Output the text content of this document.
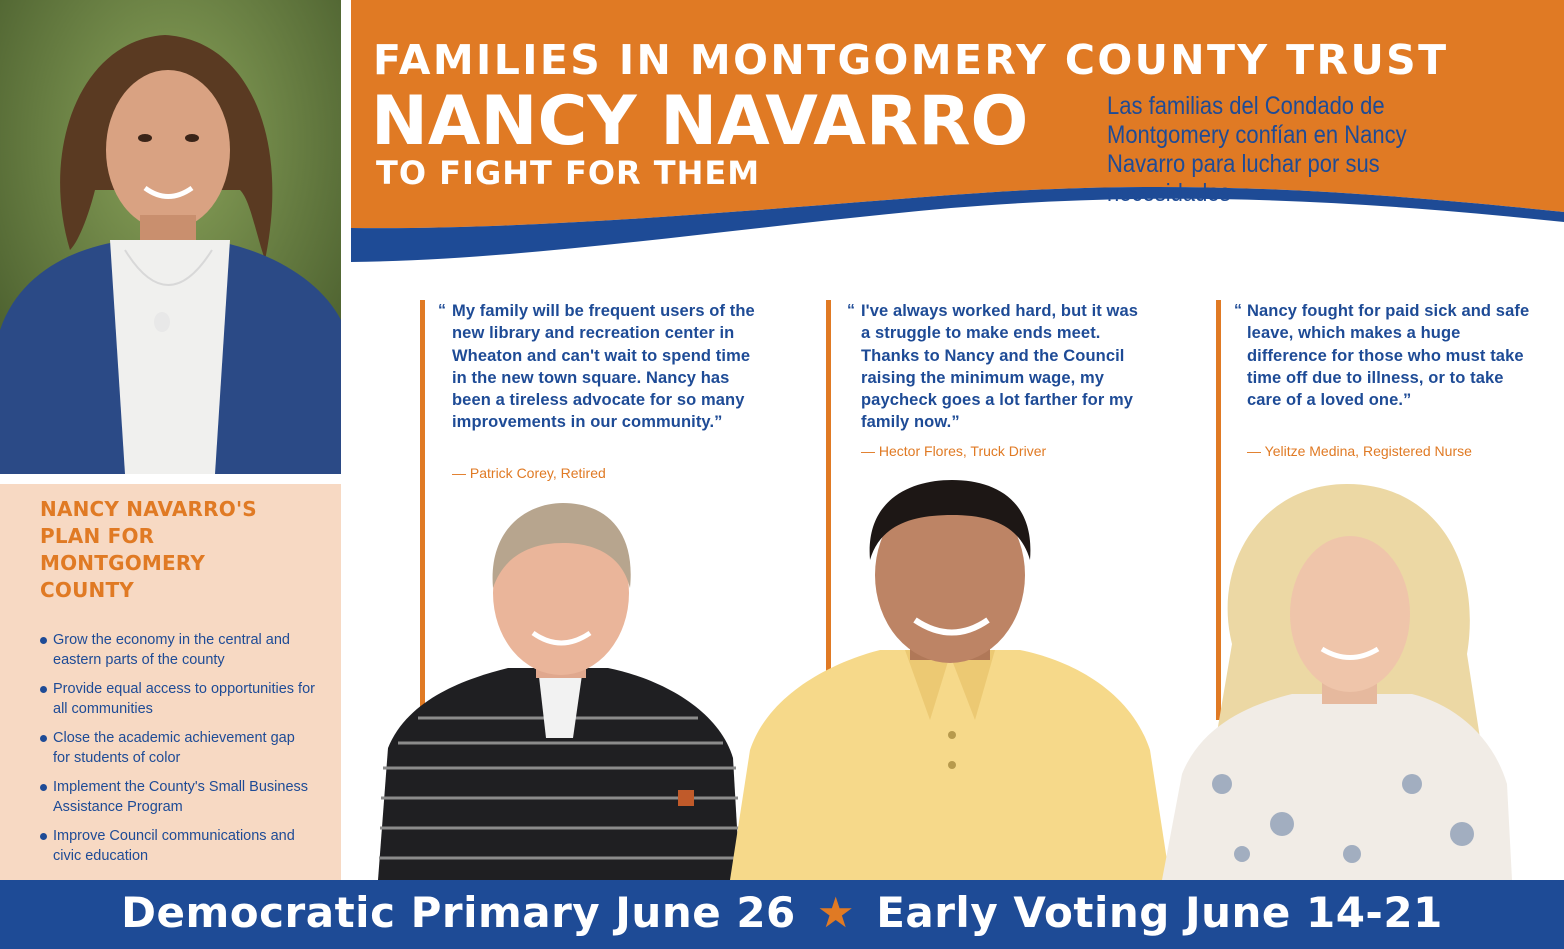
NANCY NAVARRO'S PLAN FOR MONTGOMERY COUNTY
Grow the economy in the central and eastern parts of the county
Provide equal access to opportunities for all communities
Close the academic achievement gap for students of color
Implement the County's Small Business Assistance Program
Improve Council communications and civic education
FAMILIES IN MONTGOMERY COUNTY TRUST
NANCY NAVARRO
TO FIGHT FOR THEM
Las familias del Condado de Montgomery confían en Nancy Navarro para luchar por sus necesidades
“ My family will be frequent users of the new library and recreation center in Wheaton and can't wait to spend time in the new town square. Nancy has been a tireless advocate for so many improvements in our community.”
— Patrick Corey, Retired
“ I've always worked hard, but it was a struggle to make ends meet. Thanks to Nancy and the Council raising the minimum wage, my paycheck goes a lot farther for my family now.”
— Hector Flores, Truck Driver
“ Nancy fought for paid sick and safe leave, which makes a huge difference for those who must take time off due to illness, or to take care of a loved one.”
— Yelitze Medina, Registered Nurse
Democratic Primary June 26 ★ Early Voting June 14-21
